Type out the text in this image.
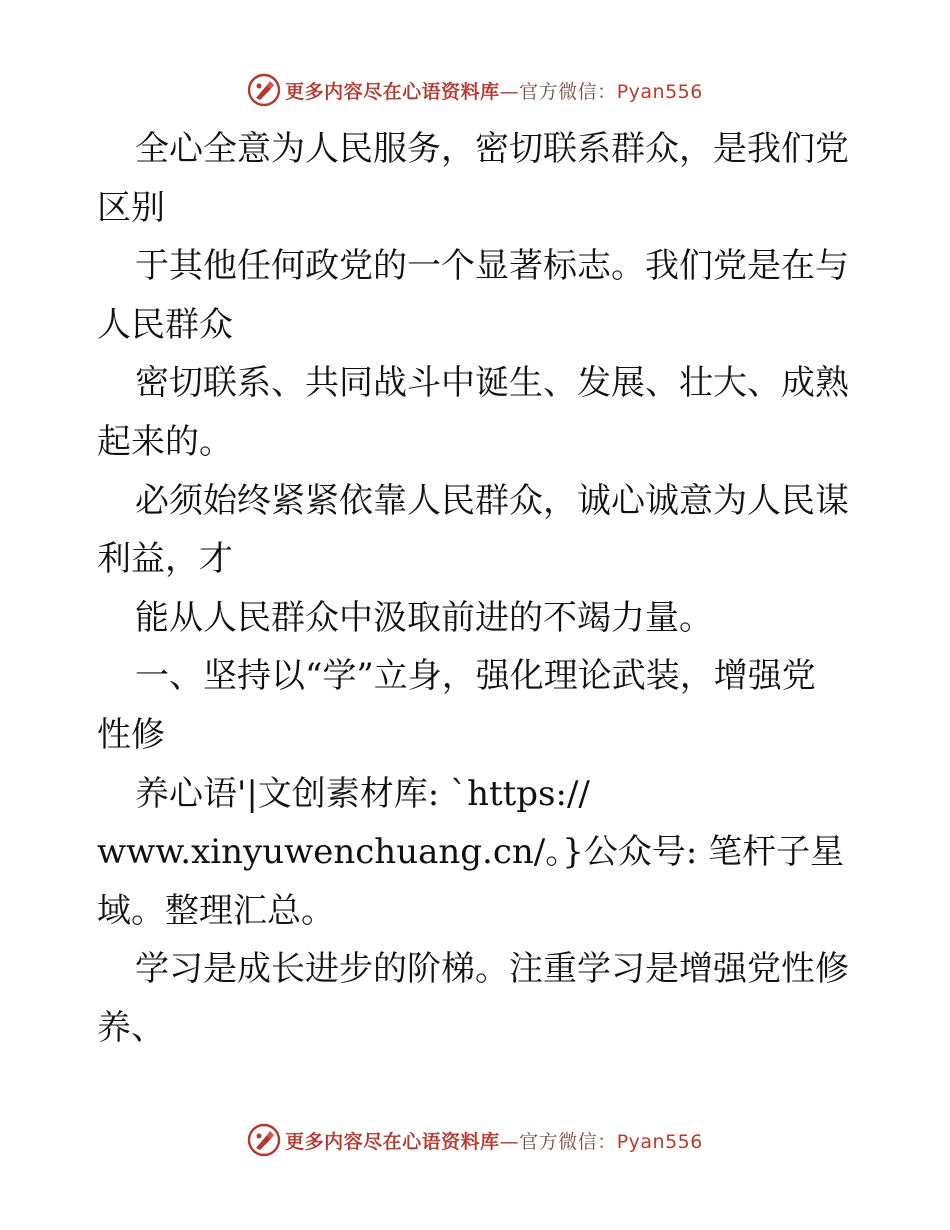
更多内容尽在心语资料库—官方微信：Pyan556
全心全意为人民服务，密切联系群众，是我们党
区别
于其他任何政党的一个显著标志。我们党是在与
人民群众
密切联系、共同战斗中诞生、发展、壮大、成熟
起来的。
必须始终紧紧依靠人民群众，诚心诚意为人民谋
利益，才
能从人民群众中汲取前进的不竭力量。
一、坚持以“学”立身，强化理论武装，增强党
性修
养心语'|文创素材库: `https://
www.xinyuwenchuang.cn/。}公众号: 笔杆子星
域。整理汇总。
学习是成长进步的阶梯。注重学习是增强党性修
养、
更多内容尽在心语资料库—官方微信：Pyan556
